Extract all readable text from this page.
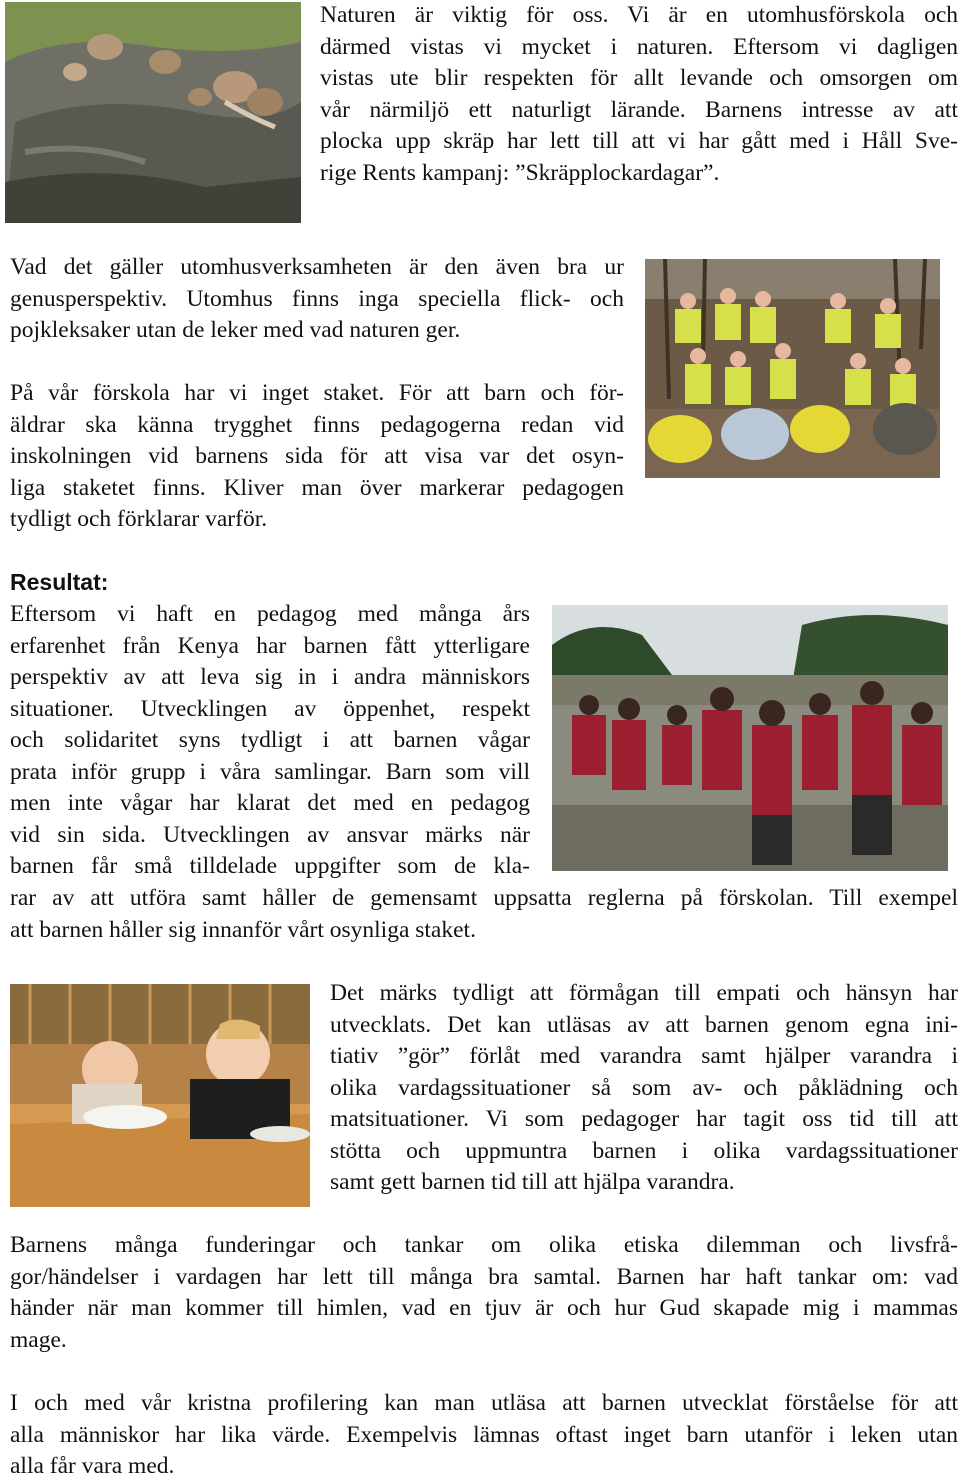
Naturen är viktig för oss. Vi är en utomhusförskola och
därmed vistas vi mycket i naturen. Eftersom vi dagligen
vistas ute blir respekten för allt levande och omsorgen om
vår närmiljö ett naturligt lärande. Barnens intresse av att
plocka upp skräp har lett till att vi har gått med i Håll Sve-
rige Rents kampanj: ”Skräpplockardagar”.
Vad det gäller utomhusverksamheten är den även bra ur
genusperspektiv. Utomhus finns inga speciella flick- och
pojkleksaker utan de leker med vad naturen ger.
På vår förskola har vi inget staket. För att barn och för-
äldrar ska känna trygghet finns pedagogerna redan vid
inskolningen vid barnens sida för att visa var det osyn-
liga staketet finns. Kliver man över markerar pedagogen
tydligt och förklarar varför.
Resultat:
Eftersom vi haft en pedagog med många års
erfarenhet från Kenya har barnen fått ytterligare
perspektiv av att leva sig in i andra människors
situationer. Utvecklingen av öppenhet, respekt
och solidaritet syns tydligt i att barnen vågar
prata inför grupp i våra samlingar. Barn som vill
men inte vågar har klarat det med en pedagog
vid sin sida. Utvecklingen av ansvar märks när
barnen får små tilldelade uppgifter som de kla-
rar av att utföra samt håller de gemensamt uppsatta reglerna på förskolan. Till exempel
att barnen håller sig innanför vårt osynliga staket.
Det märks tydligt att förmågan till empati och hänsyn har
utvecklats. Det kan utläsas av att barnen genom egna ini-
tiativ ”gör” förlåt med varandra samt hjälper varandra i
olika vardagssituationer så som av- och påklädning och
matsituationer. Vi som pedagoger har tagit oss tid till att
stötta och uppmuntra barnen i olika vardagssituationer
samt gett barnen tid till att hjälpa varandra.
Barnens många funderingar och tankar om olika etiska dilemman och livsfrå-
gor/händelser i vardagen har lett till många bra samtal. Barnen har haft tankar om: vad
händer när man kommer till himlen, vad en tjuv är och hur Gud skapade mig i mammas
mage.
I och med vår kristna profilering kan man utläsa att barnen utvecklat förståelse för att
alla människor har lika värde. Exempelvis lämnas oftast inget barn utanför i leken utan
alla får vara med.
